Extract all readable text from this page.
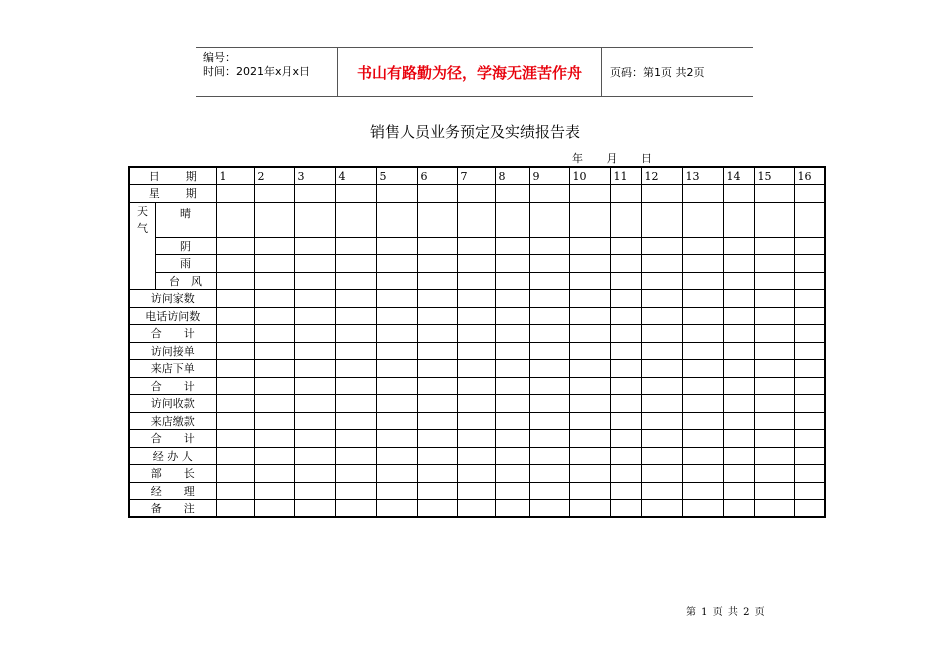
编号：
时间：2021年x月x日	书山有路勤为径，学海无涯苦作舟	页码：第1页 共2页
销售人员业务预定及实绩报告表
年 月 日
日 期		1	2	3	4	5	6	7	8	9	10	11	12	13	14	15	16
星 期																	

天
气	晴																
	阴																
	雨																
	台　风																
访问家数																	
电话访问数																	
合　　计																	
访问接单																	
来店下单																	
合　　计																	
访问收款																	
来店缴款																	
合　　计																	
经 办 人																	
部　　长																	
经　　理																	
备　　注																	
第 1 页 共 2 页
